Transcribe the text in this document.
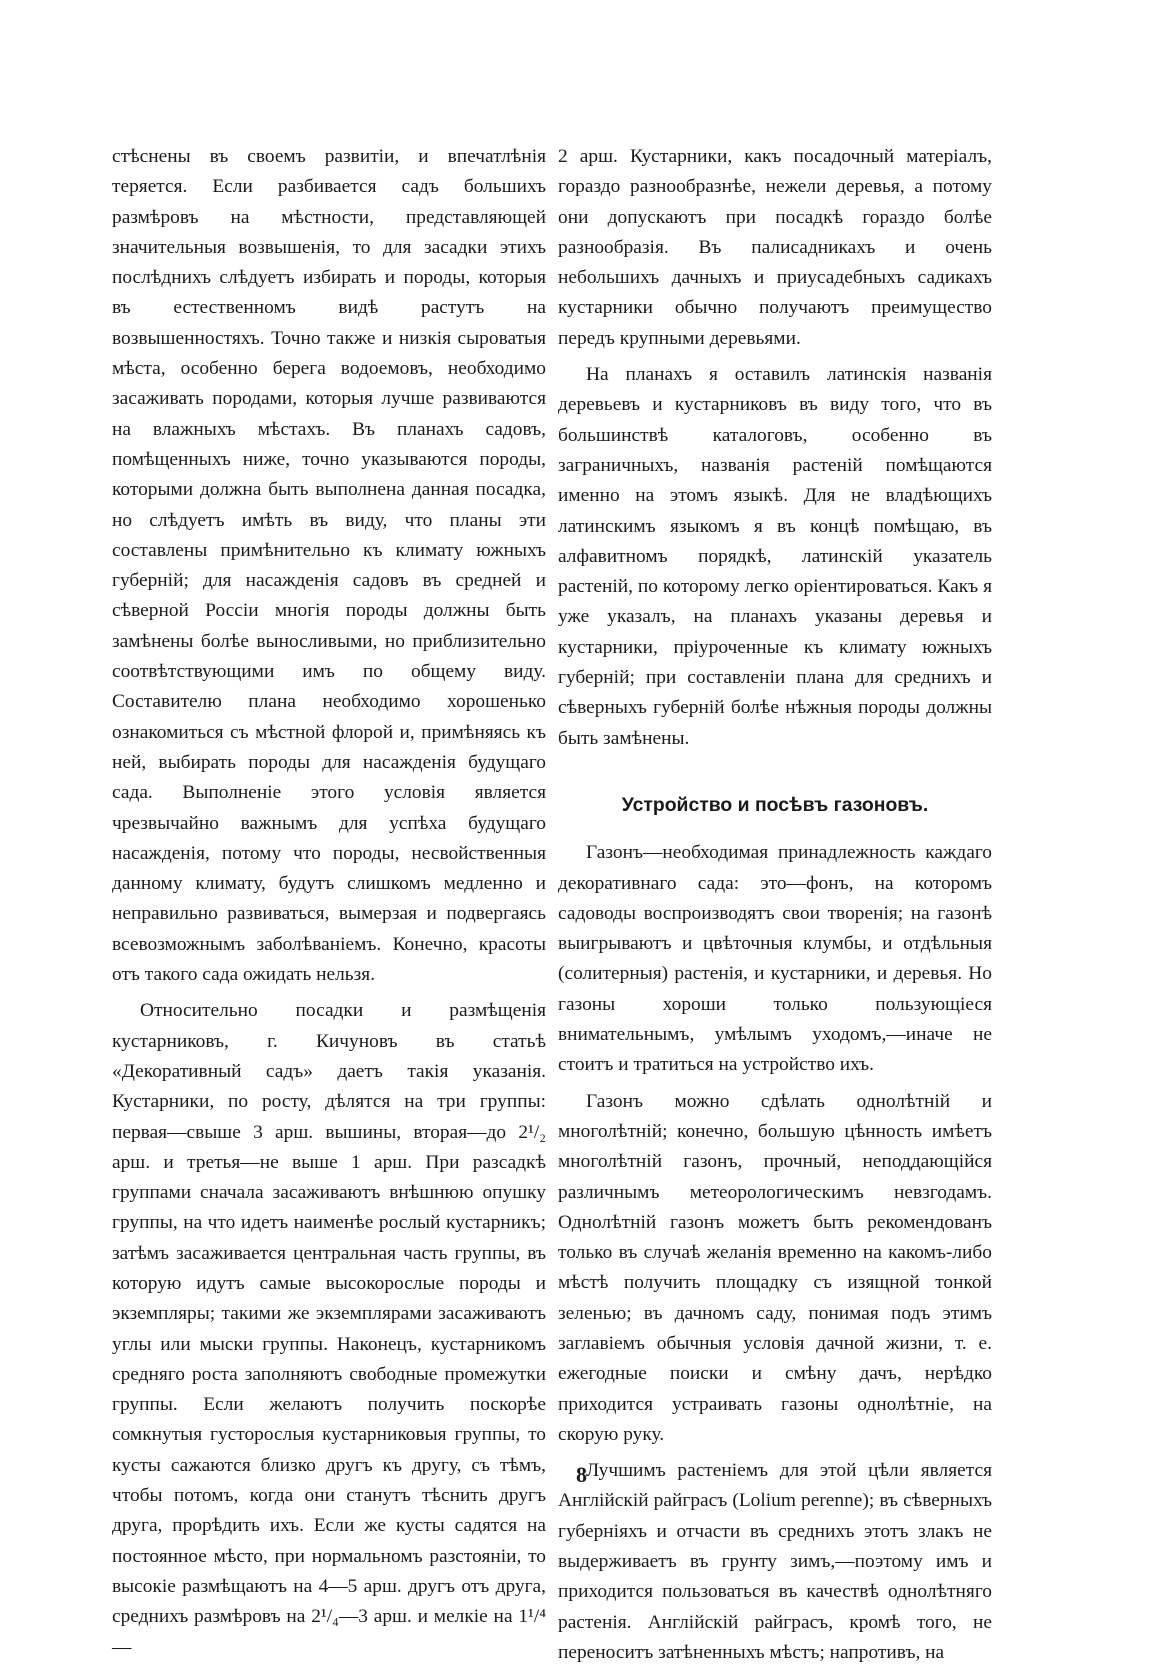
стѣснены въ своемъ развитіи, и впечатлѣнія теряется. Если разбивается садъ большихъ размѣровъ на мѣстности, представляющей значительныя возвышенія, то для засадки этихъ послѣднихъ слѣдуетъ избирать и породы, которыя въ естественномъ видѣ растутъ на возвышенностяхъ. Точно также и низкія сыроватыя мѣста, особенно берега водоемовъ, необходимо засаживать породами, которыя лучше развиваются на влажныхъ мѣстахъ. Въ планахъ садовъ, помѣщенныхъ ниже, точно указываются породы, которыми должна быть выполнена данная посадка, но слѣдуетъ имѣть въ виду, что планы эти составлены примѣнительно къ климату южныхъ губерній; для насажденія садовъ въ средней и сѣверной Россіи многія породы должны быть замѣнены болѣе выносливыми, но приблизительно соотвѣтствующими имъ по общему виду. Составителю плана необходимо хорошенько ознакомиться съ мѣстной флорой и, примѣняясь къ ней, выбирать породы для насажденія будущаго сада. Выполненіе этого условія является чрезвычайно важнымъ для успѣха будущаго насажденія, потому что породы, несвойственныя данному климату, будутъ слишкомъ медленно и неправильно развиваться, вымерзая и подвергаясь всевозможнымъ заболѣваніемъ. Конечно, красоты отъ такого сада ожидать нельзя.

Относительно посадки и размѣщенія кустарниковъ, г. Кичуновъ въ статьѣ «Декоративный садъ» даетъ такія указанія. Кустарники, по росту, дѣлятся на три группы: первая—свыше 3 арш. вышины, вторая—до 2¹/₂ арш. и третья—не выше 1 арш. При разсадкѣ группами сначала засаживаютъ внѣшнюю опушку группы, на что идетъ наименѣе рослый кустарникъ; затѣмъ засаживается центральная часть группы, въ которую идутъ самые высокорослые породы и экземпляры; такими же экземплярами засаживаютъ углы или мыски группы. Наконецъ, кустарникомъ средняго роста заполняютъ свободные промежутки группы. Если желаютъ получить поскорѣе сомкнутыя густорослыя кустарниковыя группы, то кусты сажаются близко другъ къ другу, съ тѣмъ, чтобы потомъ, когда они станутъ тѣснить другъ друга, прорѣдить ихъ. Если же кусты садятся на постоянное мѣсто, при нормальномъ разстояніи, то высокіе размѣщаютъ на 4—5 арш. другъ отъ друга, среднихъ размѣровъ на 2¹/₄—3 арш. и мелкіе на 1¹/⁴—

2 арш. Кустарники, какъ посадочный матеріалъ, гораздо разнообразнѣе, нежели деревья, а потому они допускаютъ при посадкѣ гораздо болѣе разнообразія. Въ палисадникахъ и очень небольшихъ дачныхъ и приусадебныхъ садикахъ кустарники обычно получаютъ преимущество передъ крупными деревьями.

На планахъ я оставилъ латинскія названія деревьевъ и кустарниковъ въ виду того, что въ большинствѣ каталоговъ, особенно въ заграничныхъ, названія растеній помѣщаются именно на этомъ языкѣ. Для не владѣющихъ латинскимъ языкомъ я въ концѣ помѣщаю, въ алфавитномъ порядкѣ, латинскій указатель растеній, по которому легко оріентироваться. Какъ я уже указалъ, на планахъ указаны деревья и кустарники, пріуроченные къ климату южныхъ губерній; при составленіи плана для среднихъ и сѣверныхъ губерній болѣе нѣжныя породы должны быть замѣнены.

Устройство и посѣвъ газоновъ.

Газонъ—необходимая принадлежность каждаго декоративнаго сада: это—фонъ, на которомъ садоводы воспроизводятъ свои творенія; на газонѣ выигрываютъ и цвѣточныя клумбы, и отдѣльныя (солитерныя) растенія, и кустарники, и деревья. Но газоны хороши только пользующіеся внимательнымъ, умѣлымъ уходомъ,—иначе не стоитъ и тратиться на устройство ихъ.

Газонъ можно сдѣлать однолѣтній и многолѣтній; конечно, большую цѣнность имѣетъ многолѣтній газонъ, прочный, неподдающійся различнымъ метеорологическимъ невзгодамъ. Однолѣтній газонъ можетъ быть рекомендованъ только въ случаѣ желанія временно на какомъ-либо мѣстѣ получить площадку съ изящной тонкой зеленью; въ дачномъ саду, понимая подъ этимъ заглавіемъ обычныя условія дачной жизни, т. е. ежегодные поиски и смѣну дачъ, нерѣдко приходится устраивать газоны однолѣтніе, на скорую руку.

Лучшимъ растеніемъ для этой цѣли является Англійскій райграсъ (Lolium perenne); въ сѣверныхъ губерніяхъ и отчасти въ среднихъ этотъ злакъ не выдерживаетъ въ грунту зимъ,—поэтому имъ и приходится пользоваться въ качествѣ однолѣтняго растенія. Англійскій райграсъ, кромѣ того, не переноситъ затѣненныхъ мѣстъ; напротивъ, на

8
